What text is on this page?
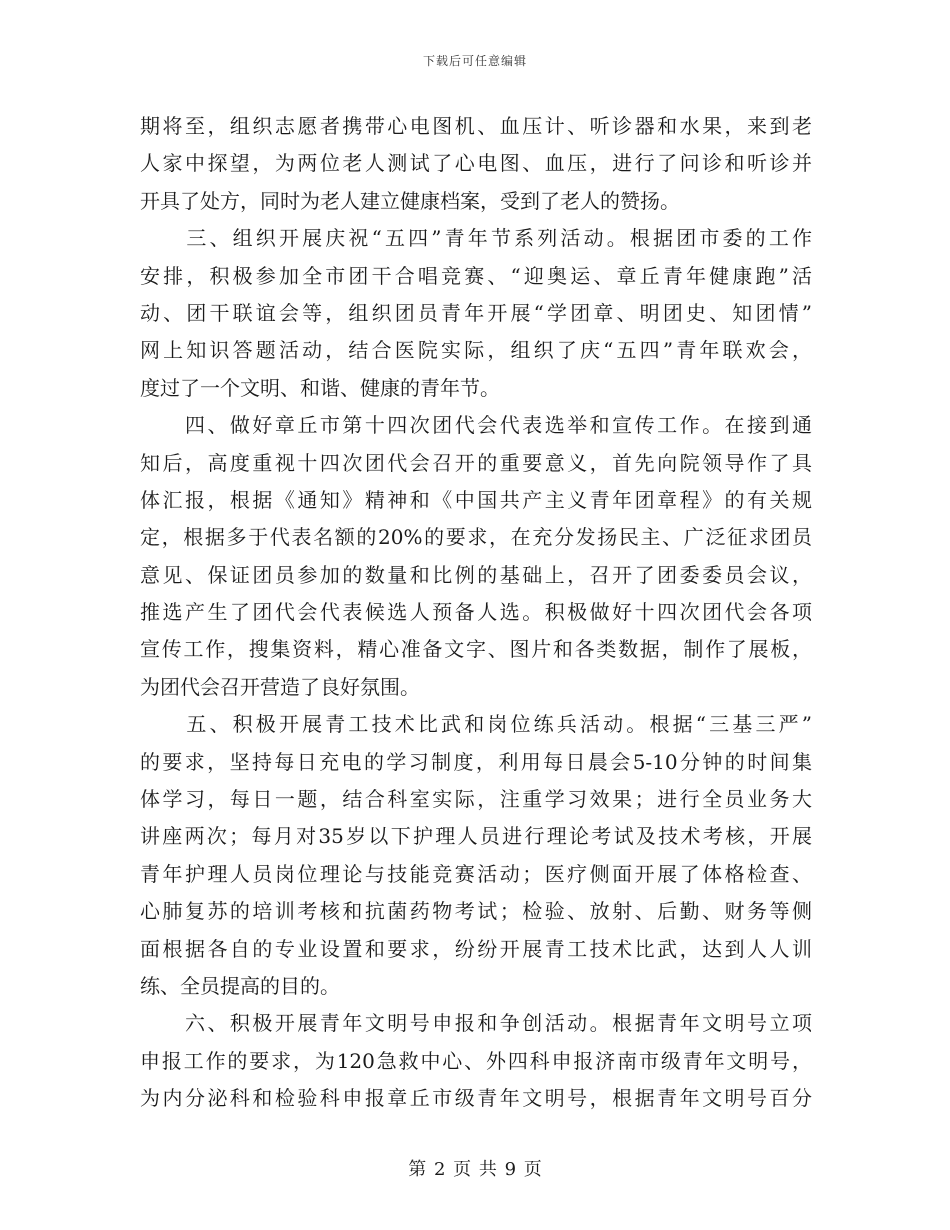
下载后可任意编辑
期将至，组织志愿者携带心电图机、血压计、听诊器和水果，来到老
人家中探望，为两位老人测试了心电图、血压，进行了问诊和听诊并
开具了处方，同时为老人建立健康档案，受到了老人的赞扬。
　　三、组织开展庆祝“五四”青年节系列活动。根据团市委的工作
安排，积极参加全市团干合唱竞赛、“迎奥运、章丘青年健康跑”活
动、团干联谊会等，组织团员青年开展“学团章、明团史、知团情”
网上知识答题活动，结合医院实际，组织了庆“五四”青年联欢会，
度过了一个文明、和谐、健康的青年节。
　　四、做好章丘市第十四次团代会代表选举和宣传工作。在接到通
知后，高度重视十四次团代会召开的重要意义，首先向院领导作了具
体汇报，根据《通知》精神和《中国共产主义青年团章程》的有关规
定，根据多于代表名额的20%的要求，在充分发扬民主、广泛征求团员
意见、保证团员参加的数量和比例的基础上，召开了团委委员会议，
推选产生了团代会代表候选人预备人选。积极做好十四次团代会各项
宣传工作，搜集资料，精心准备文字、图片和各类数据，制作了展板，
为团代会召开营造了良好氛围。
　　五、积极开展青工技术比武和岗位练兵活动。根据“三基三严”
的要求，坚持每日充电的学习制度，利用每日晨会5-10分钟的时间集
体学习，每日一题，结合科室实际，注重学习效果；进行全员业务大
讲座两次；每月对35岁以下护理人员进行理论考试及技术考核，开展
青年护理人员岗位理论与技能竞赛活动；医疗侧面开展了体格检查、
心肺复苏的培训考核和抗菌药物考试；检验、放射、后勤、财务等侧
面根据各自的专业设置和要求，纷纷开展青工技术比武，达到人人训
练、全员提高的目的。
　　六、积极开展青年文明号申报和争创活动。根据青年文明号立项
申报工作的要求，为120急救中心、外四科申报济南市级青年文明号，
为内分泌科和检验科申报章丘市级青年文明号，根据青年文明号百分
第 2 页 共 9 页
